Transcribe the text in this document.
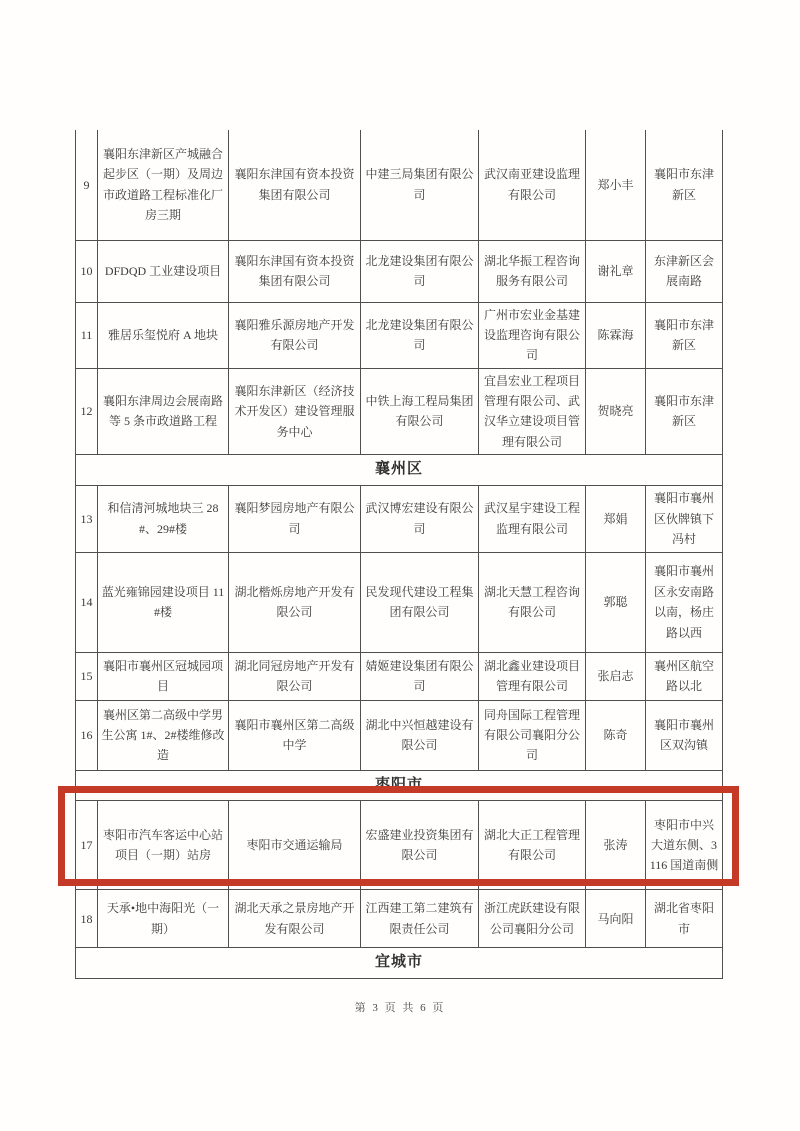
9	襄阳东津新区产城融合起步区（一期）及周边市政道路工程标准化厂房三期	襄阳东津国有资本投资集团有限公司	中建三局集团有限公司	武汉南亚建设监理有限公司	郑小丰	襄阳市东津新区
10	DFDQD 工业建设项目	襄阳东津国有资本投资集团有限公司	北龙建设集团有限公司	湖北华振工程咨询服务有限公司	谢礼章	东津新区会展南路
11	雅居乐玺悦府 A 地块	襄阳雅乐源房地产开发有限公司	北龙建设集团有限公司	广州市宏业金基建设监理咨询有限公司	陈霖海	襄阳市东津新区
12	襄阳东津周边会展南路等 5 条市政道路工程	襄阳东津新区（经济技术开发区）建设管理服务中心	中铁上海工程局集团有限公司	宜昌宏业工程项目管理有限公司、武汉华立建设项目管理有限公司	贺晓亮	襄阳市东津新区
襄州区						
13	和信清河城地块三 28#、29#楼	襄阳梦园房地产有限公司	武汉博宏建设有限公司	武汉星宇建设工程监理有限公司	郑娟	襄阳市襄州区伙牌镇下冯村
14	蓝光雍锦园建设项目 11#楼	湖北楷烁房地产开发有限公司	民发现代建设工程集团有限公司	湖北天慧工程咨询有限公司	郭聪	襄阳市襄州区永安南路以南，杨庄路以西
15	襄阳市襄州区冠城园项目	湖北同冠房地产开发有限公司	婧姬建设集团有限公司	湖北鑫业建设项目管理有限公司	张启志	襄州区航空路以北
16	襄州区第二高级中学男生公寓 1#、2#楼维修改造	襄阳市襄州区第二高级中学	湖北中兴恒越建设有限公司	同舟国际工程管理有限公司襄阳分公司	陈奇	襄阳市襄州区双沟镇
枣阳市						
17	枣阳市汽车客运中心站项目（一期）站房	枣阳市交通运输局	宏盛建业投资集团有限公司	湖北大正工程管理有限公司	张涛	枣阳市中兴大道东侧、3116 国道南侧
18	天承•地中海阳光（一期）	湖北天承之景房地产开发有限公司	江西建工第二建筑有限责任公司	浙江虎跃建设有限公司襄阳分公司	马向阳	湖北省枣阳市
宜城市						
第 3 页 共 6 页
